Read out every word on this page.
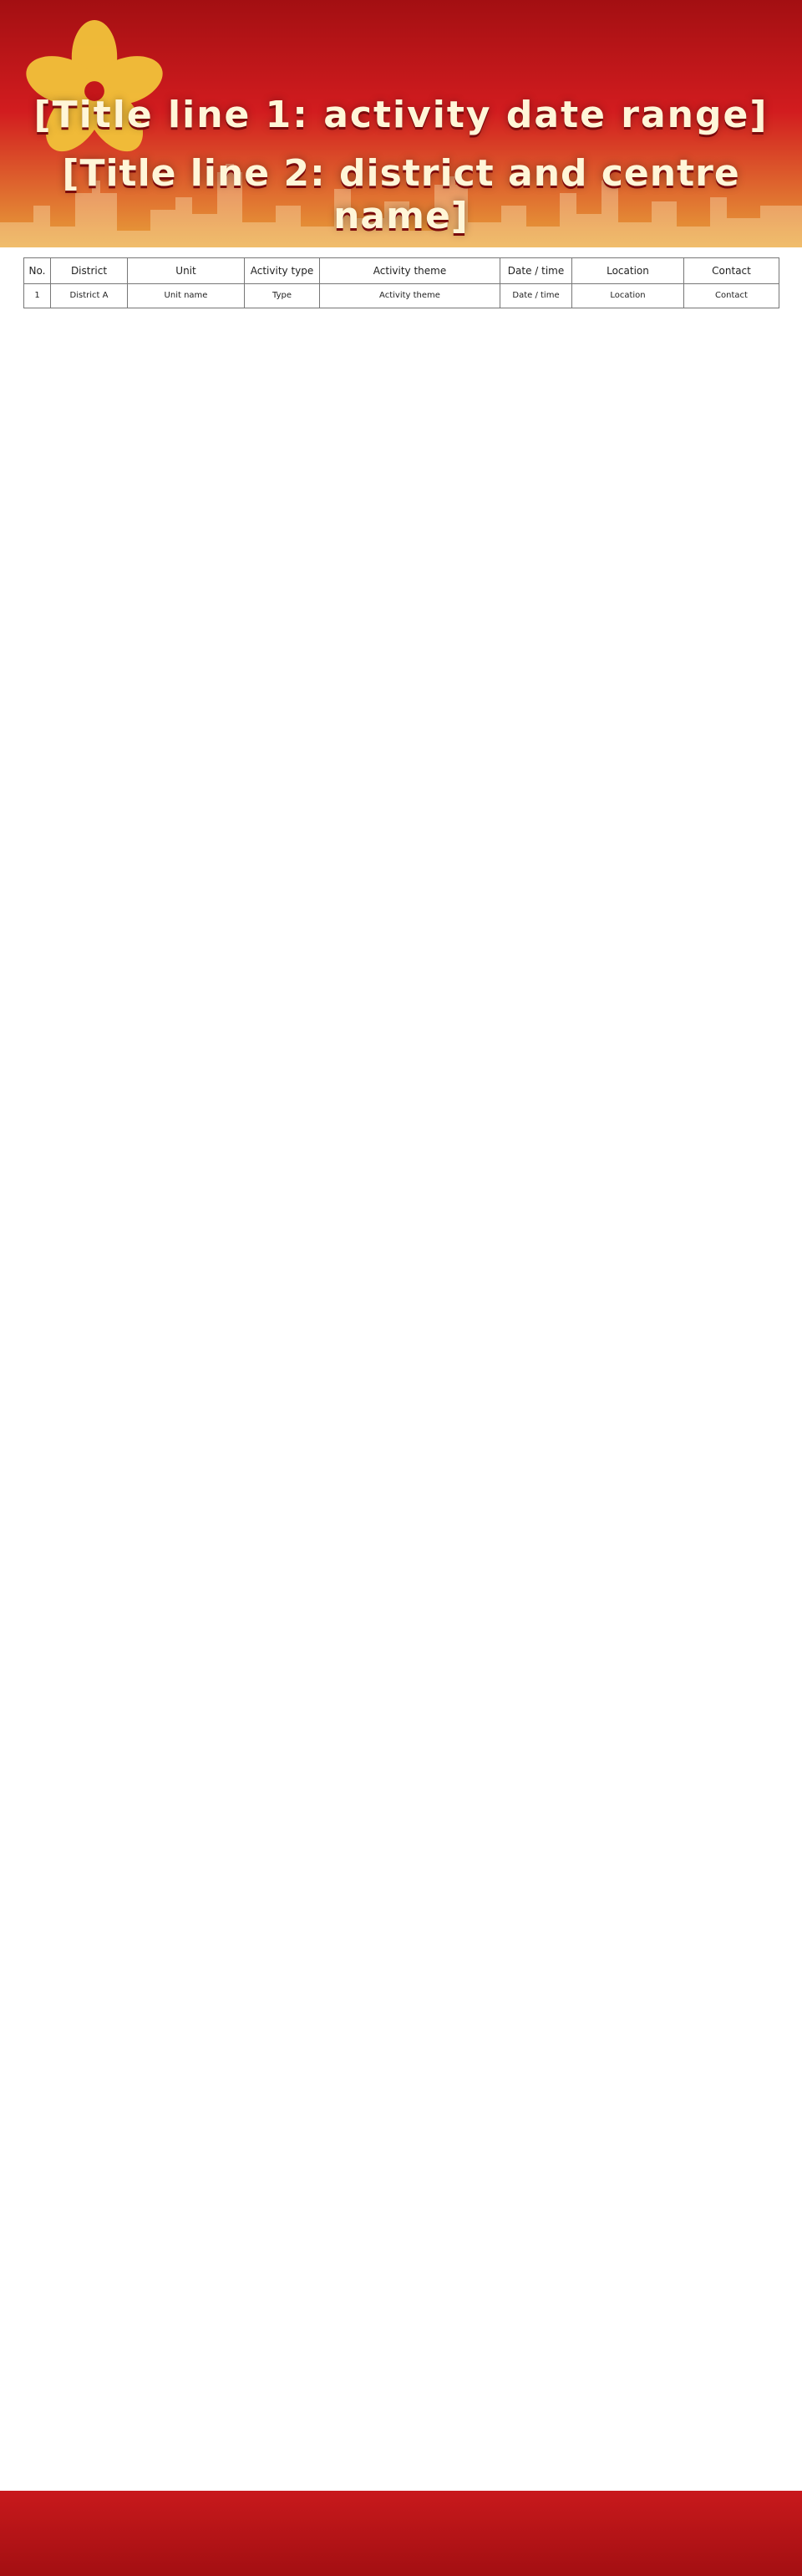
[Title line 1: activity date range]
[Title line 2: district and centre name]
No.	District	Unit	Activity type	Activity theme	Date / time	Location	Contact
1	District A	Unit name	Type	Activity theme	Date / time	Location	Contact
